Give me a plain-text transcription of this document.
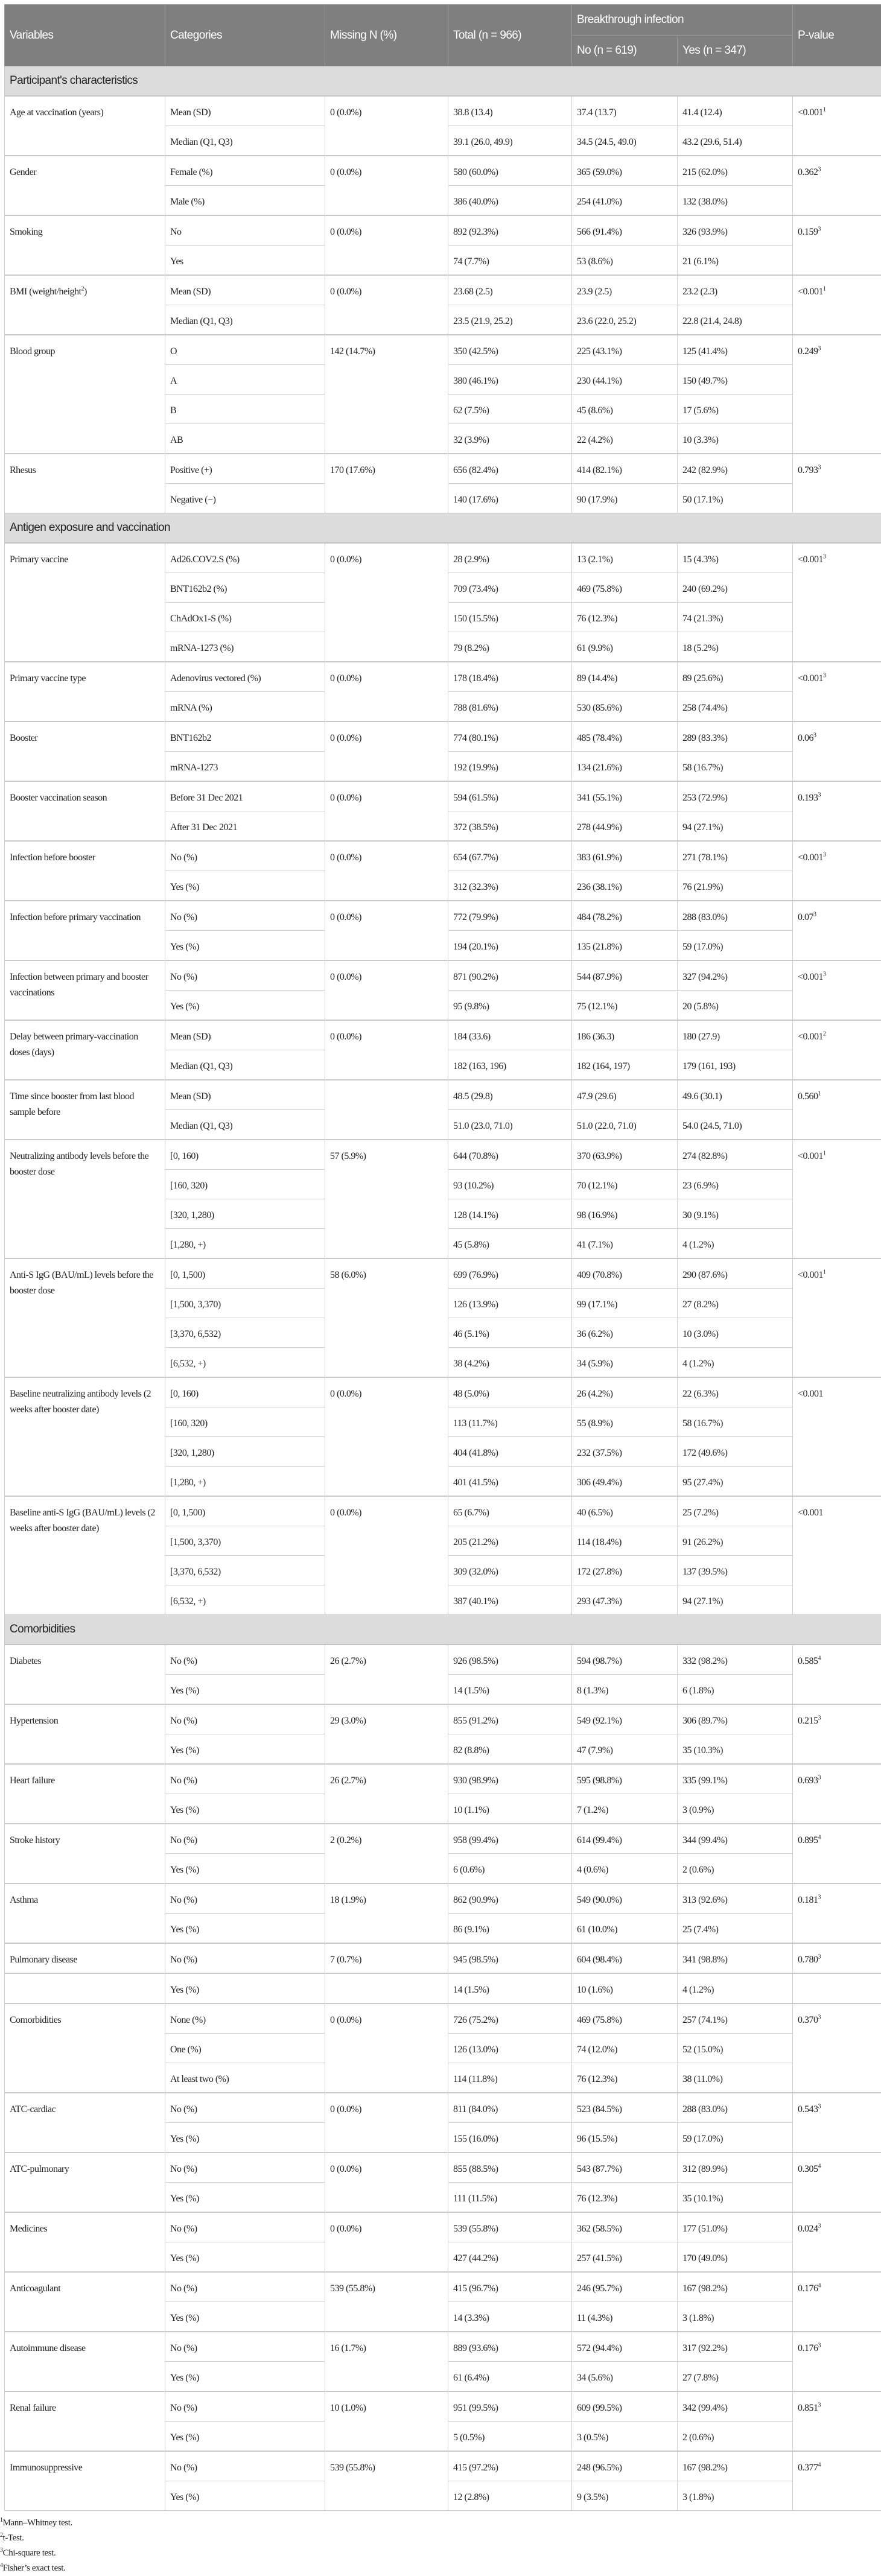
Variables	Categories	Missing N (%)	Total (n = 966)	Breakthrough infection		P-value
				No (n = 619)	Yes (n = 347)	
Participant's characteristics						
Age at vaccination (years)	Mean (SD)	0 (0.0%)	38.8 (13.4)	37.4 (13.7)	41.4 (12.4)	$<0.001^1$
	Median (Q1, Q3)		39.1 (26.0, 49.9)	34.5 (24.5, 49.0)	43.2 (29.6, 51.4)	
Gender	Female (%)	0 (0.0%)	580 (60.0%)	365 (59.0%)	215 (62.0%)	0.362$^3$
	Male (%)		386 (40.0%)	254 (41.0%)	132 (38.0%)	
Smoking	No	0 (0.0%)	892 (92.3%)	566 (91.4%)	326 (93.9%)	0.159$^3$
	Yes		74 (7.7%)	53 (8.6%)	21 (6.1%)	
BMI (weight/height$^2$)	Mean (SD)	0 (0.0%)	23.68 (2.5)	23.9 (2.5)	23.2 (2.3)	$<0.001^1$
	Median (Q1, Q3)		23.5 (21.9, 25.2)	23.6 (22.0, 25.2)	22.8 (21.4, 24.8)	
Blood group	O	142 (14.7%)	350 (42.5%)	225 (43.1%)	125 (41.4%)	0.249$^3$
	A		380 (46.1%)	230 (44.1%)	150 (49.7%)	
	B		62 (7.5%)	45 (8.6%)	17 (5.6%)	
	AB		32 (3.9%)	22 (4.2%)	10 (3.3%)	
Rhesus	Positive (+)	170 (17.6%)	656 (82.4%)	414 (82.1%)	242 (82.9%)	0.793$^3$
	Negative (−)		140 (17.6%)	90 (17.9%)	50 (17.1%)	
Antigen exposure and vaccination						
Primary vaccine	Ad26.COV2.S (%)	0 (0.0%)	28 (2.9%)	13 (2.1%)	15 (4.3%)	$<0.001^3$
	BNT162b2 (%)		709 (73.4%)	469 (75.8%)	240 (69.2%)	
	ChAdOx1-S (%)		150 (15.5%)	76 (12.3%)	74 (21.3%)	
	mRNA-1273 (%)		79 (8.2%)	61 (9.9%)	18 (5.2%)	
Primary vaccine type	Adenovirus vectored (%)	0 (0.0%)	178 (18.4%)	89 (14.4%)	89 (25.6%)	$<0.001^3$
	mRNA (%)		788 (81.6%)	530 (85.6%)	258 (74.4%)	
Booster	BNT162b2	0 (0.0%)	774 (80.1%)	485 (78.4%)	289 (83.3%)	0.06$^3$
	mRNA-1273		192 (19.9%)	134 (21.6%)	58 (16.7%)	
Booster vaccination season	Before 31 Dec 2021	0 (0.0%)	594 (61.5%)	341 (55.1%)	253 (72.9%)	0.193$^3$
	After 31 Dec 2021		372 (38.5%)	278 (44.9%)	94 (27.1%)	
Infection before booster	No (%)	0 (0.0%)	654 (67.7%)	383 (61.9%)	271 (78.1%)	$<0.001^3$
	Yes (%)		312 (32.3%)	236 (38.1%)	76 (21.9%)	
Infection before primary vaccination	No (%)	0 (0.0%)	772 (79.9%)	484 (78.2%)	288 (83.0%)	0.07$^3$
	Yes (%)		194 (20.1%)	135 (21.8%)	59 (17.0%)	
Infection between primary and booster vaccinations	No (%)	0 (0.0%)	871 (90.2%)	544 (87.9%)	327 (94.2%)	$<0.001^3$
	Yes (%)		95 (9.8%)	75 (12.1%)	20 (5.8%)	
Delay between primary-vaccination doses (days)	Mean (SD)	0 (0.0%)	184 (33.6)	186 (36.3)	180 (27.9)	$<0.001^2$
	Median (Q1, Q3)		182 (163, 196)	182 (164, 197)	179 (161, 193)	
Time since booster from last blood sample before	Mean (SD)		48.5 (29.8)	47.9 (29.6)	49.6 (30.1)	0.560$^1$
	Median (Q1, Q3)		51.0 (23.0, 71.0)	51.0 (22.0, 71.0)	54.0 (24.5, 71.0)	
Neutralizing antibody levels before the booster dose	[0, 160)	57 (5.9%)	644 (70.8%)	370 (63.9%)	274 (82.8%)	$<0.001^1$
	[160, 320)		93 (10.2%)	70 (12.1%)	23 (6.9%)	
	[320, 1,280)		128 (14.1%)	98 (16.9%)	30 (9.1%)	
	[1,280, +)		45 (5.8%)	41 (7.1%)	4 (1.2%)	
Anti-S IgG (BAU/mL) levels before the booster dose	[0, 1,500)	58 (6.0%)	699 (76.9%)	409 (70.8%)	290 (87.6%)	$<0.001^1$
	[1,500, 3,370)		126 (13.9%)	99 (17.1%)	27 (8.2%)	
	[3,370, 6,532)		46 (5.1%)	36 (6.2%)	10 (3.0%)	
	[6,532, +)		38 (4.2%)	34 (5.9%)	4 (1.2%)	
Baseline neutralizing antibody levels (2 weeks after booster date)	[0, 160)	0 (0.0%)	48 (5.0%)	26 (4.2%)	22 (6.3%)	<0.001
	[160, 320)		113 (11.7%)	55 (8.9%)	58 (16.7%)	
	[320, 1,280)		404 (41.8%)	232 (37.5%)	172 (49.6%)	
	[1,280, +)		401 (41.5%)	306 (49.4%)	95 (27.4%)	
Baseline anti-S IgG (BAU/mL) levels (2 weeks after booster date)	[0, 1,500)	0 (0.0%)	65 (6.7%)	40 (6.5%)	25 (7.2%)	<0.001
	[1,500, 3,370)		205 (21.2%)	114 (18.4%)	91 (26.2%)	
	[3,370, 6,532)		309 (32.0%)	172 (27.8%)	137 (39.5%)	
	[6,532, +)		387 (40.1%)	293 (47.3%)	94 (27.1%)	
Comorbidities						
Diabetes	No (%)	26 (2.7%)	926 (98.5%)	594 (98.7%)	332 (98.2%)	0.585$^4$
	Yes (%)		14 (1.5%)	8 (1.3%)	6 (1.8%)	
Hypertension	No (%)	29 (3.0%)	855 (91.2%)	549 (92.1%)	306 (89.7%)	0.215$^3$
	Yes (%)		82 (8.8%)	47 (7.9%)	35 (10.3%)	
Heart failure	No (%)	26 (2.7%)	930 (98.9%)	595 (98.8%)	335 (99.1%)	0.693$^3$
	Yes (%)		10 (1.1%)	7 (1.2%)	3 (0.9%)	
Stroke history	No (%)	2 (0.2%)	958 (99.4%)	614 (99.4%)	344 (99.4%)	0.895$^4$
	Yes (%)		6 (0.6%)	4 (0.6%)	2 (0.6%)	
Asthma	No (%)	18 (1.9%)	862 (90.9%)	549 (90.0%)	313 (92.6%)	0.181$^3$
	Yes (%)		86 (9.1%)	61 (10.0%)	25 (7.4%)	
Pulmonary disease	No (%)	7 (0.7%)	945 (98.5%)	604 (98.4%)	341 (98.8%)	0.780$^3$
	Yes (%)		14 (1.5%)	10 (1.6%)	4 (1.2%)	
Comorbidities	None (%)	0 (0.0%)	726 (75.2%)	469 (75.8%)	257 (74.1%)	0.370$^3$
	One (%)		126 (13.0%)	74 (12.0%)	52 (15.0%)	
	At least two (%)		114 (11.8%)	76 (12.3%)	38 (11.0%)	
ATC-cardiac	No (%)	0 (0.0%)	811 (84.0%)	523 (84.5%)	288 (83.0%)	0.543$^3$
	Yes (%)		155 (16.0%)	96 (15.5%)	59 (17.0%)	
ATC-pulmonary	No (%)	0 (0.0%)	855 (88.5%)	543 (87.7%)	312 (89.9%)	0.305$^4$
	Yes (%)		111 (11.5%)	76 (12.3%)	35 (10.1%)	
Medicines	No (%)	0 (0.0%)	539 (55.8%)	362 (58.5%)	177 (51.0%)	0.024$^3$
	Yes (%)		427 (44.2%)	257 (41.5%)	170 (49.0%)	
Anticoagulant	No (%)	539 (55.8%)	415 (96.7%)	246 (95.7%)	167 (98.2%)	0.176$^4$
	Yes (%)		14 (3.3%)	11 (4.3%)	3 (1.8%)	
Autoimmune disease	No (%)	16 (1.7%)	889 (93.6%)	572 (94.4%)	317 (92.2%)	0.176$^3$
	Yes (%)		61 (6.4%)	34 (5.6%)	27 (7.8%)	
Renal failure	No (%)	10 (1.0%)	951 (99.5%)	609 (99.5%)	342 (99.4%)	0.851$^3$
	Yes (%)		5 (0.5%)	3 (0.5%)	2 (0.6%)	
Immunosuppressive	No (%)	539 (55.8%)	415 (97.2%)	248 (96.5%)	167 (98.2%)	0.377$^4$
	Yes (%)		12 (2.8%)	9 (3.5%)	3 (1.8%)	
$^1$Mann–Whitney test.
$^2$t-Test.
$^3$Chi-square test.
$^4$Fisher’s exact test.
